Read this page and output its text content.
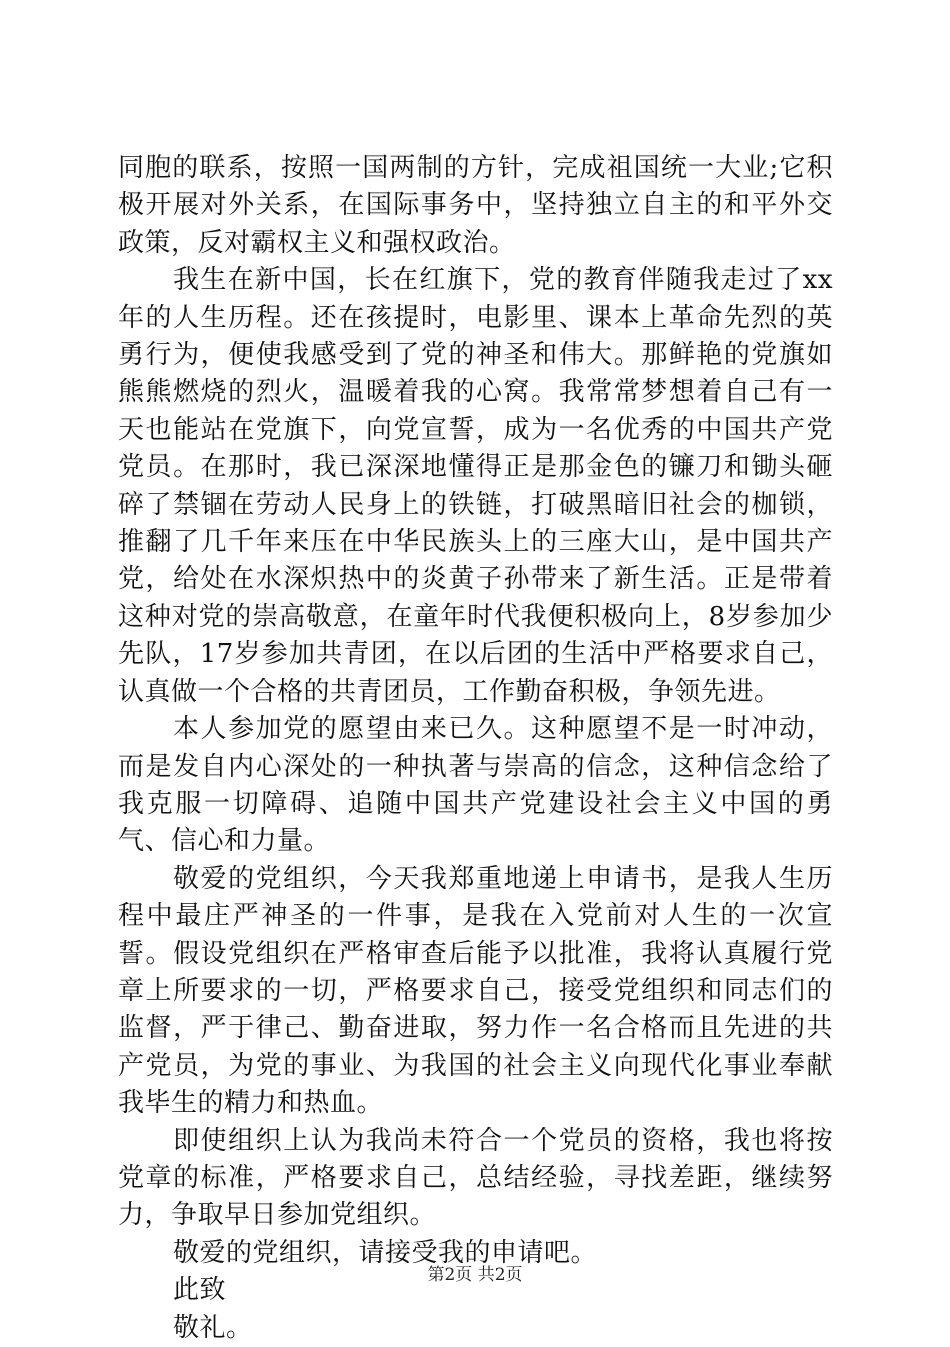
同胞的联系，按照一国两制的方针，完成祖国统一大业;它积极开展对外关系，在国际事务中，坚持独立自主的和平外交政策，反对霸权主义和强权政治。

我生在新中国，长在红旗下，党的教育伴随我走过了xx年的人生历程。还在孩提时，电影里、课本上革命先烈的英勇行为，便使我感受到了党的神圣和伟大。那鲜艳的党旗如熊熊燃烧的烈火，温暖着我的心窝。我常常梦想着自己有一天也能站在党旗下，向党宣誓，成为一名优秀的中国共产党党员。在那时，我已深深地懂得正是那金色的镰刀和锄头砸碎了禁锢在劳动人民身上的铁链，打破黑暗旧社会的枷锁，推翻了几千年来压在中华民族头上的三座大山，是中国共产党，给处在水深炽热中的炎黄子孙带来了新生活。正是带着这种对党的崇高敬意，在童年时代我便积极向上，8岁参加少先队，17岁参加共青团，在以后团的生活中严格要求自己，认真做一个合格的共青团员，工作勤奋积极，争领先进。

本人参加党的愿望由来已久。这种愿望不是一时冲动，而是发自内心深处的一种执著与崇高的信念，这种信念给了我克服一切障碍、追随中国共产党建设社会主义中国的勇气、信心和力量。

敬爱的党组织，今天我郑重地递上申请书，是我人生历程中最庄严神圣的一件事，是我在入党前对人生的一次宣誓。假设党组织在严格审查后能予以批准，我将认真履行党章上所要求的一切，严格要求自己，接受党组织和同志们的监督，严于律己、勤奋进取，努力作一名合格而且先进的共产党员，为党的事业、为我国的社会主义向现代化事业奉献我毕生的精力和热血。

即使组织上认为我尚未符合一个党员的资格，我也将按党章的标准，严格要求自己，总结经验，寻找差距，继续努力，争取早日参加党组织。

敬爱的党组织，请接受我的申请吧。

此致

敬礼。

第2页 共2页
